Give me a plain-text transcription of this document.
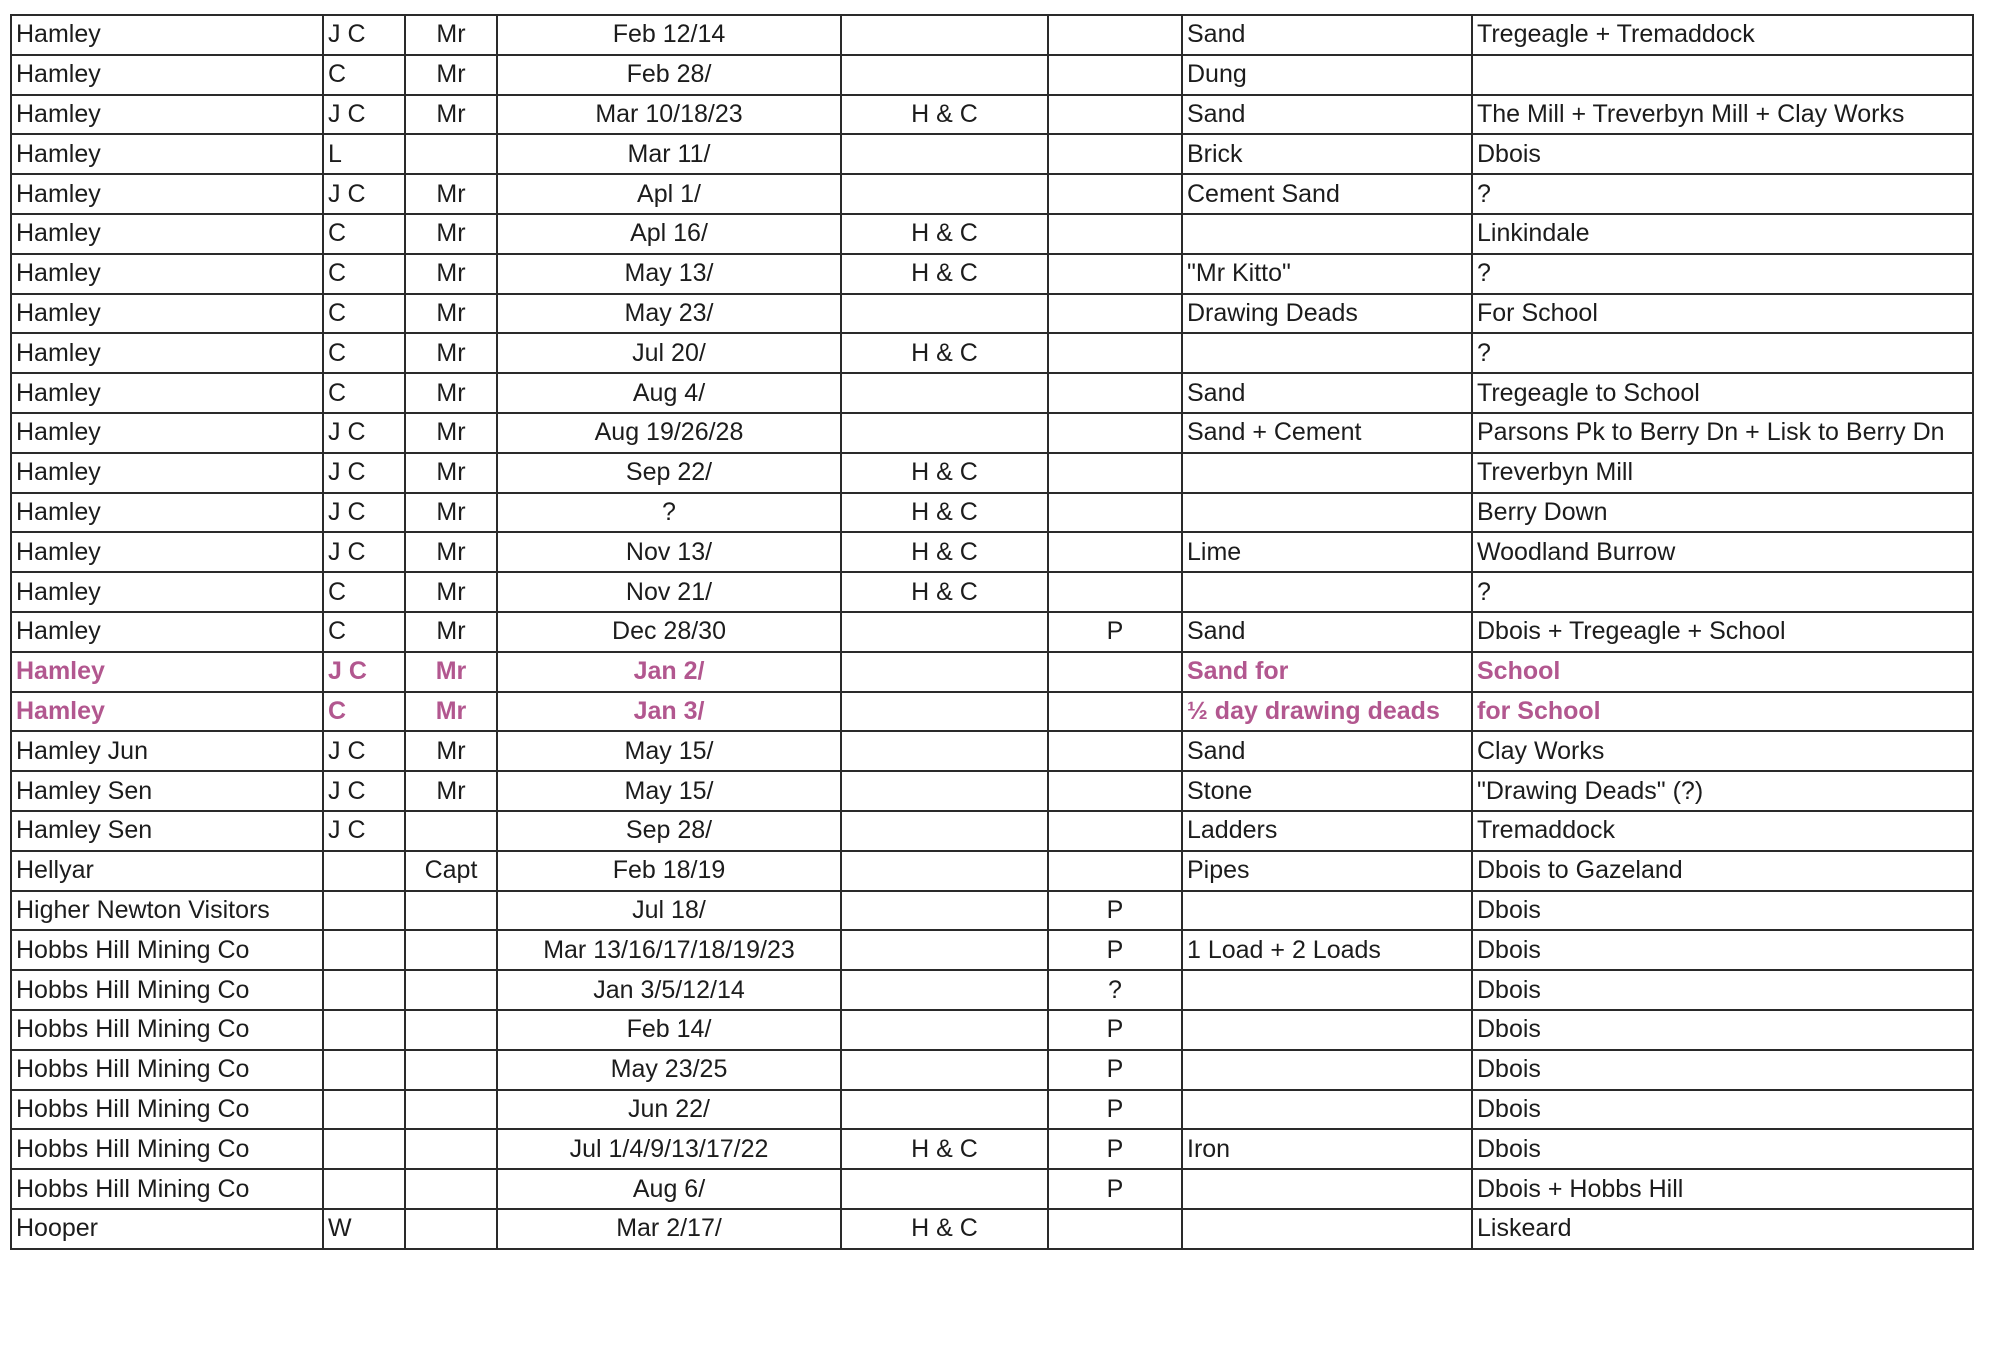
Hamley	J C	Mr	Feb 12/14			Sand	Tregeagle + Tremaddock
Hamley	C	Mr	Feb 28/			Dung	
Hamley	J C	Mr	Mar 10/18/23	H & C		Sand	The Mill + Treverbyn Mill + Clay Works
Hamley	L		Mar 11/			Brick	Dbois
Hamley	J C	Mr	Apl 1/			Cement Sand	?
Hamley	C	Mr	Apl 16/	H & C			Linkindale
Hamley	C	Mr	May 13/	H & C		"Mr Kitto"	?
Hamley	C	Mr	May 23/			Drawing Deads	For School
Hamley	C	Mr	Jul 20/	H & C			?
Hamley	C	Mr	Aug 4/			Sand	Tregeagle to School
Hamley	J C	Mr	Aug 19/26/28			Sand + Cement	Parsons Pk to Berry Dn + Lisk to Berry Dn
Hamley	J C	Mr	Sep 22/	H & C			Treverbyn Mill
Hamley	J C	Mr	?	H & C			Berry Down
Hamley	J C	Mr	Nov 13/	H & C		Lime	Woodland Burrow
Hamley	C	Mr	Nov 21/	H & C			?
Hamley	C	Mr	Dec 28/30		P	Sand	Dbois + Tregeagle + School
Hamley	J C	Mr	Jan 2/			Sand for	School
Hamley	C	Mr	Jan 3/			½ day drawing deads	for School
Hamley Jun	J C	Mr	May 15/			Sand	Clay Works
Hamley Sen	J C	Mr	May 15/			Stone	"Drawing Deads" (?)
Hamley Sen	J C		Sep 28/			Ladders	Tremaddock
Hellyar		Capt	Feb 18/19			Pipes	Dbois to Gazeland
Higher Newton Visitors			Jul 18/		P		Dbois
Hobbs Hill Mining Co			Mar 13/16/17/18/19/23		P	1 Load + 2 Loads	Dbois
Hobbs Hill Mining Co			Jan 3/5/12/14		?		Dbois
Hobbs Hill Mining Co			Feb 14/		P		Dbois
Hobbs Hill Mining Co			May 23/25		P		Dbois
Hobbs Hill Mining Co			Jun 22/		P		Dbois
Hobbs Hill Mining Co			Jul 1/4/9/13/17/22	H & C	P	Iron	Dbois
Hobbs Hill Mining Co			Aug 6/		P		Dbois + Hobbs Hill
Hooper	W		Mar 2/17/	H & C			Liskeard
